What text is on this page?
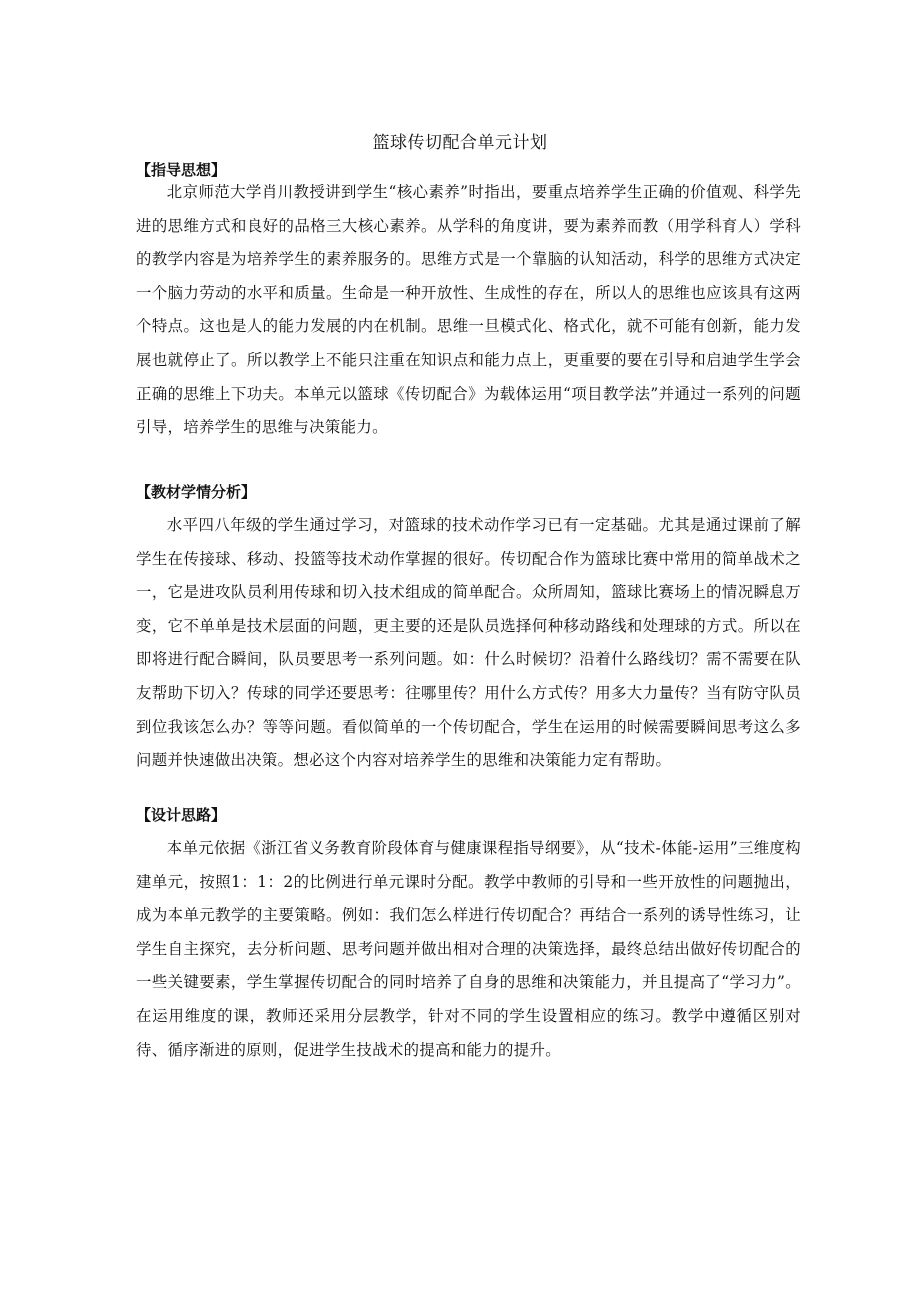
篮球传切配合单元计划
【指导思想】

北京师范大学肖川教授讲到学生“核心素养”时指出，要重点培养学生正确的价值观、科学先进的思维方式和良好的品格三大核心素养。从学科的角度讲，要为素养而教（用学科育人）学科的教学内容是为培养学生的素养服务的。思维方式是一个靠脑的认知活动，科学的思维方式决定一个脑力劳动的水平和质量。生命是一种开放性、生成性的存在，所以人的思维也应该具有这两个特点。这也是人的能力发展的内在机制。思维一旦模式化、格式化，就不可能有创新，能力发展也就停止了。所以教学上不能只注重在知识点和能力点上，更重要的要在引导和启迪学生学会正确的思维上下功夫。本单元以篮球《传切配合》为载体运用“项目教学法”并通过一系列的问题引导，培养学生的思维与决策能力。

【教材学情分析】

水平四八年级的学生通过学习，对篮球的技术动作学习已有一定基础。尤其是通过课前了解学生在传接球、移动、投篮等技术动作掌握的很好。传切配合作为篮球比赛中常用的简单战术之一，它是进攻队员利用传球和切入技术组成的简单配合。众所周知，篮球比赛场上的情况瞬息万变，它不单单是技术层面的问题，更主要的还是队员选择何种移动路线和处理球的方式。所以在即将进行配合瞬间，队员要思考一系列问题。如：什么时候切？沿着什么路线切？需不需要在队友帮助下切入？传球的同学还要思考：往哪里传？用什么方式传？用多大力量传？当有防守队员到位我该怎么办？等等问题。看似简单的一个传切配合，学生在运用的时候需要瞬间思考这么多问题并快速做出决策。想必这个内容对培养学生的思维和决策能力定有帮助。

【设计思路】

本单元依据《浙江省义务教育阶段体育与健康课程指导纲要》，从“技术-体能-运用”三维度构建单元，按照1：1：2的比例进行单元课时分配。教学中教师的引导和一些开放性的问题抛出，成为本单元教学的主要策略。例如：我们怎么样进行传切配合？再结合一系列的诱导性练习，让学生自主探究，去分析问题、思考问题并做出相对合理的决策选择，最终总结出做好传切配合的一些关键要素，学生掌握传切配合的同时培养了自身的思维和决策能力，并且提高了“学习力”。在运用维度的课，教师还采用分层教学，针对不同的学生设置相应的练习。教学中遵循区别对待、循序渐进的原则，促进学生技战术的提高和能力的提升。
